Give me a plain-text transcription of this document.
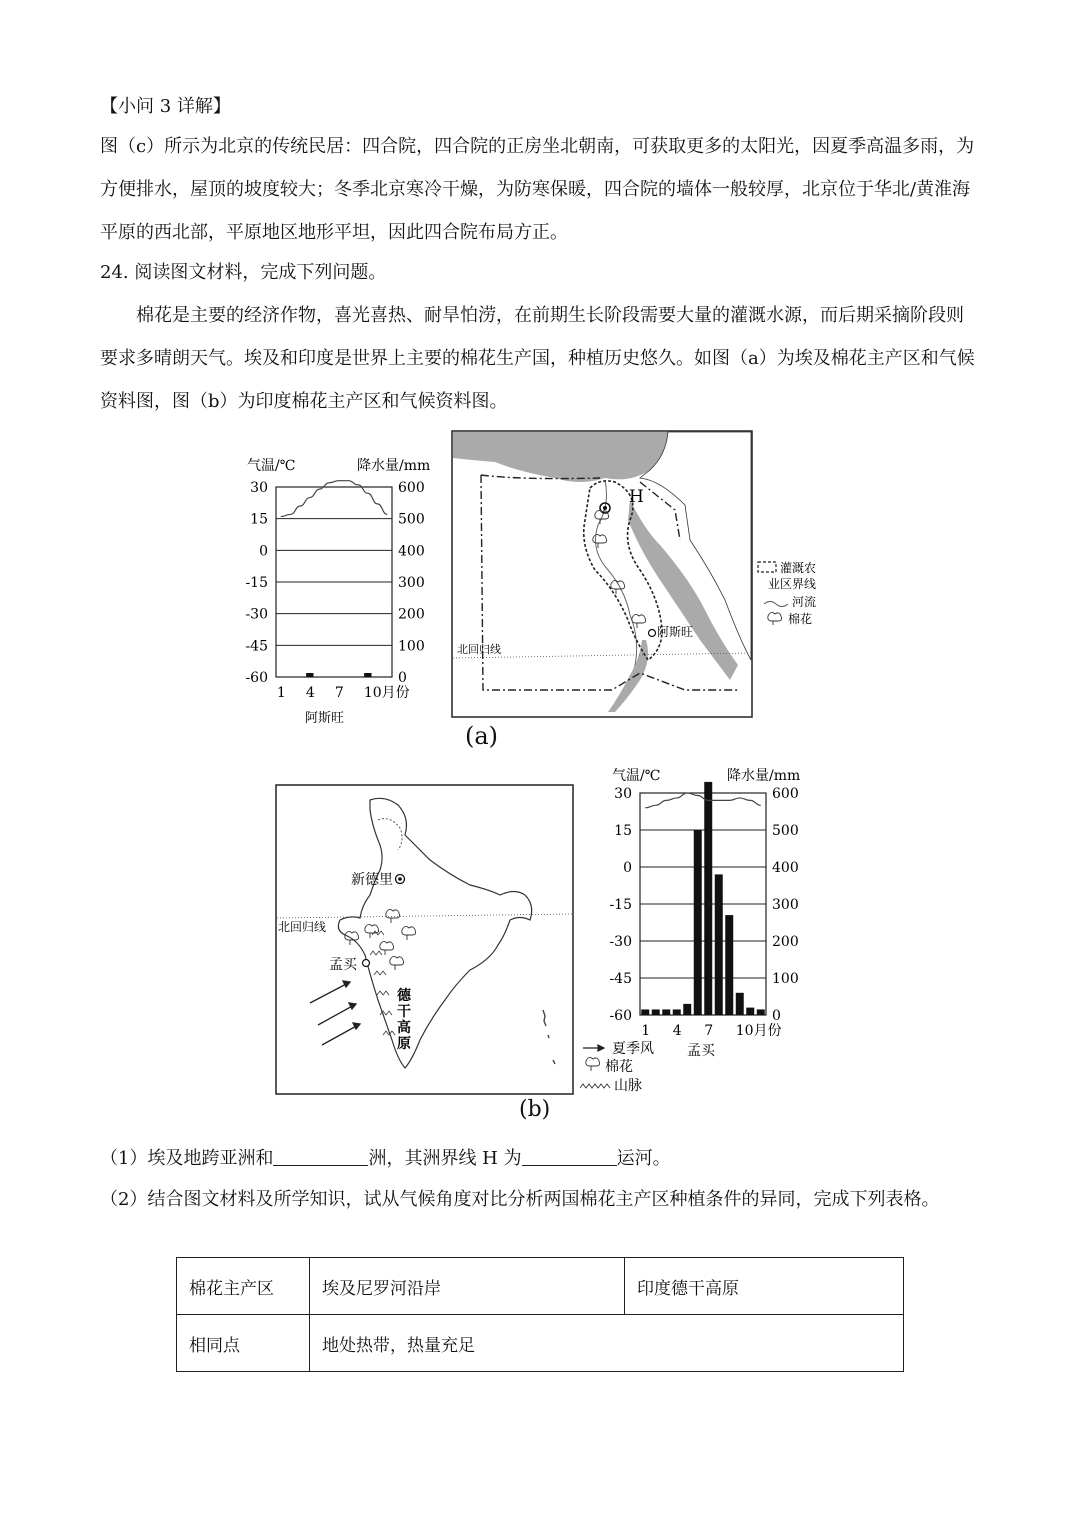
【小问 3 详解】

图（c）所示为北京的传统民居：四合院，四合院的正房坐北朝南，可获取更多的太阳光，因夏季高温多雨，为方便排水，屋顶的坡度较大；冬季北京寒冷干燥，为防寒保暖，四合院的墙体一般较厚，北京位于华北/黄淮海平原的西北部，平原地区地形平坦，因此四合院布局方正。

24. 阅读图文材料，完成下列问题。

棉花是主要的经济作物，喜光喜热、耐旱怕涝，在前期生长阶段需要大量的灌溉水源，而后期采摘阶段则要求多晴朗天气。埃及和印度是世界上主要的棉花生产国，种植历史悠久。如图（a）为埃及棉花主产区和气候资料图，图（b）为印度棉花主产区和气候资料图。

气温/℃	降水量/mm
30	600
15	500
0	400
-15	300
-30	200
-45	100
-60	0
1 4 7 10月份
阿斯旺
北回归线
H
阿斯旺
灌溉农
业区界线
河流
棉花
(a)
北回归线
新德里
孟买
德
干
高
原
气温/℃	降水量/mm
30	600
15	500
0	400
-15	300
-30	200
-45	100
-60	0
1 4 7 10月份
孟买
夏季风
棉花
山脉
(b)

（1）埃及地跨亚洲和	洲，其洲界线 H 为	运河。

（2）结合图文材料及所学知识，试从气候角度对比分析两国棉花主产区种植条件的异同，完成下列表格。

棉花主产区	埃及尼罗河沿岸	印度德干高原
相同点	地处热带，热量充足	
